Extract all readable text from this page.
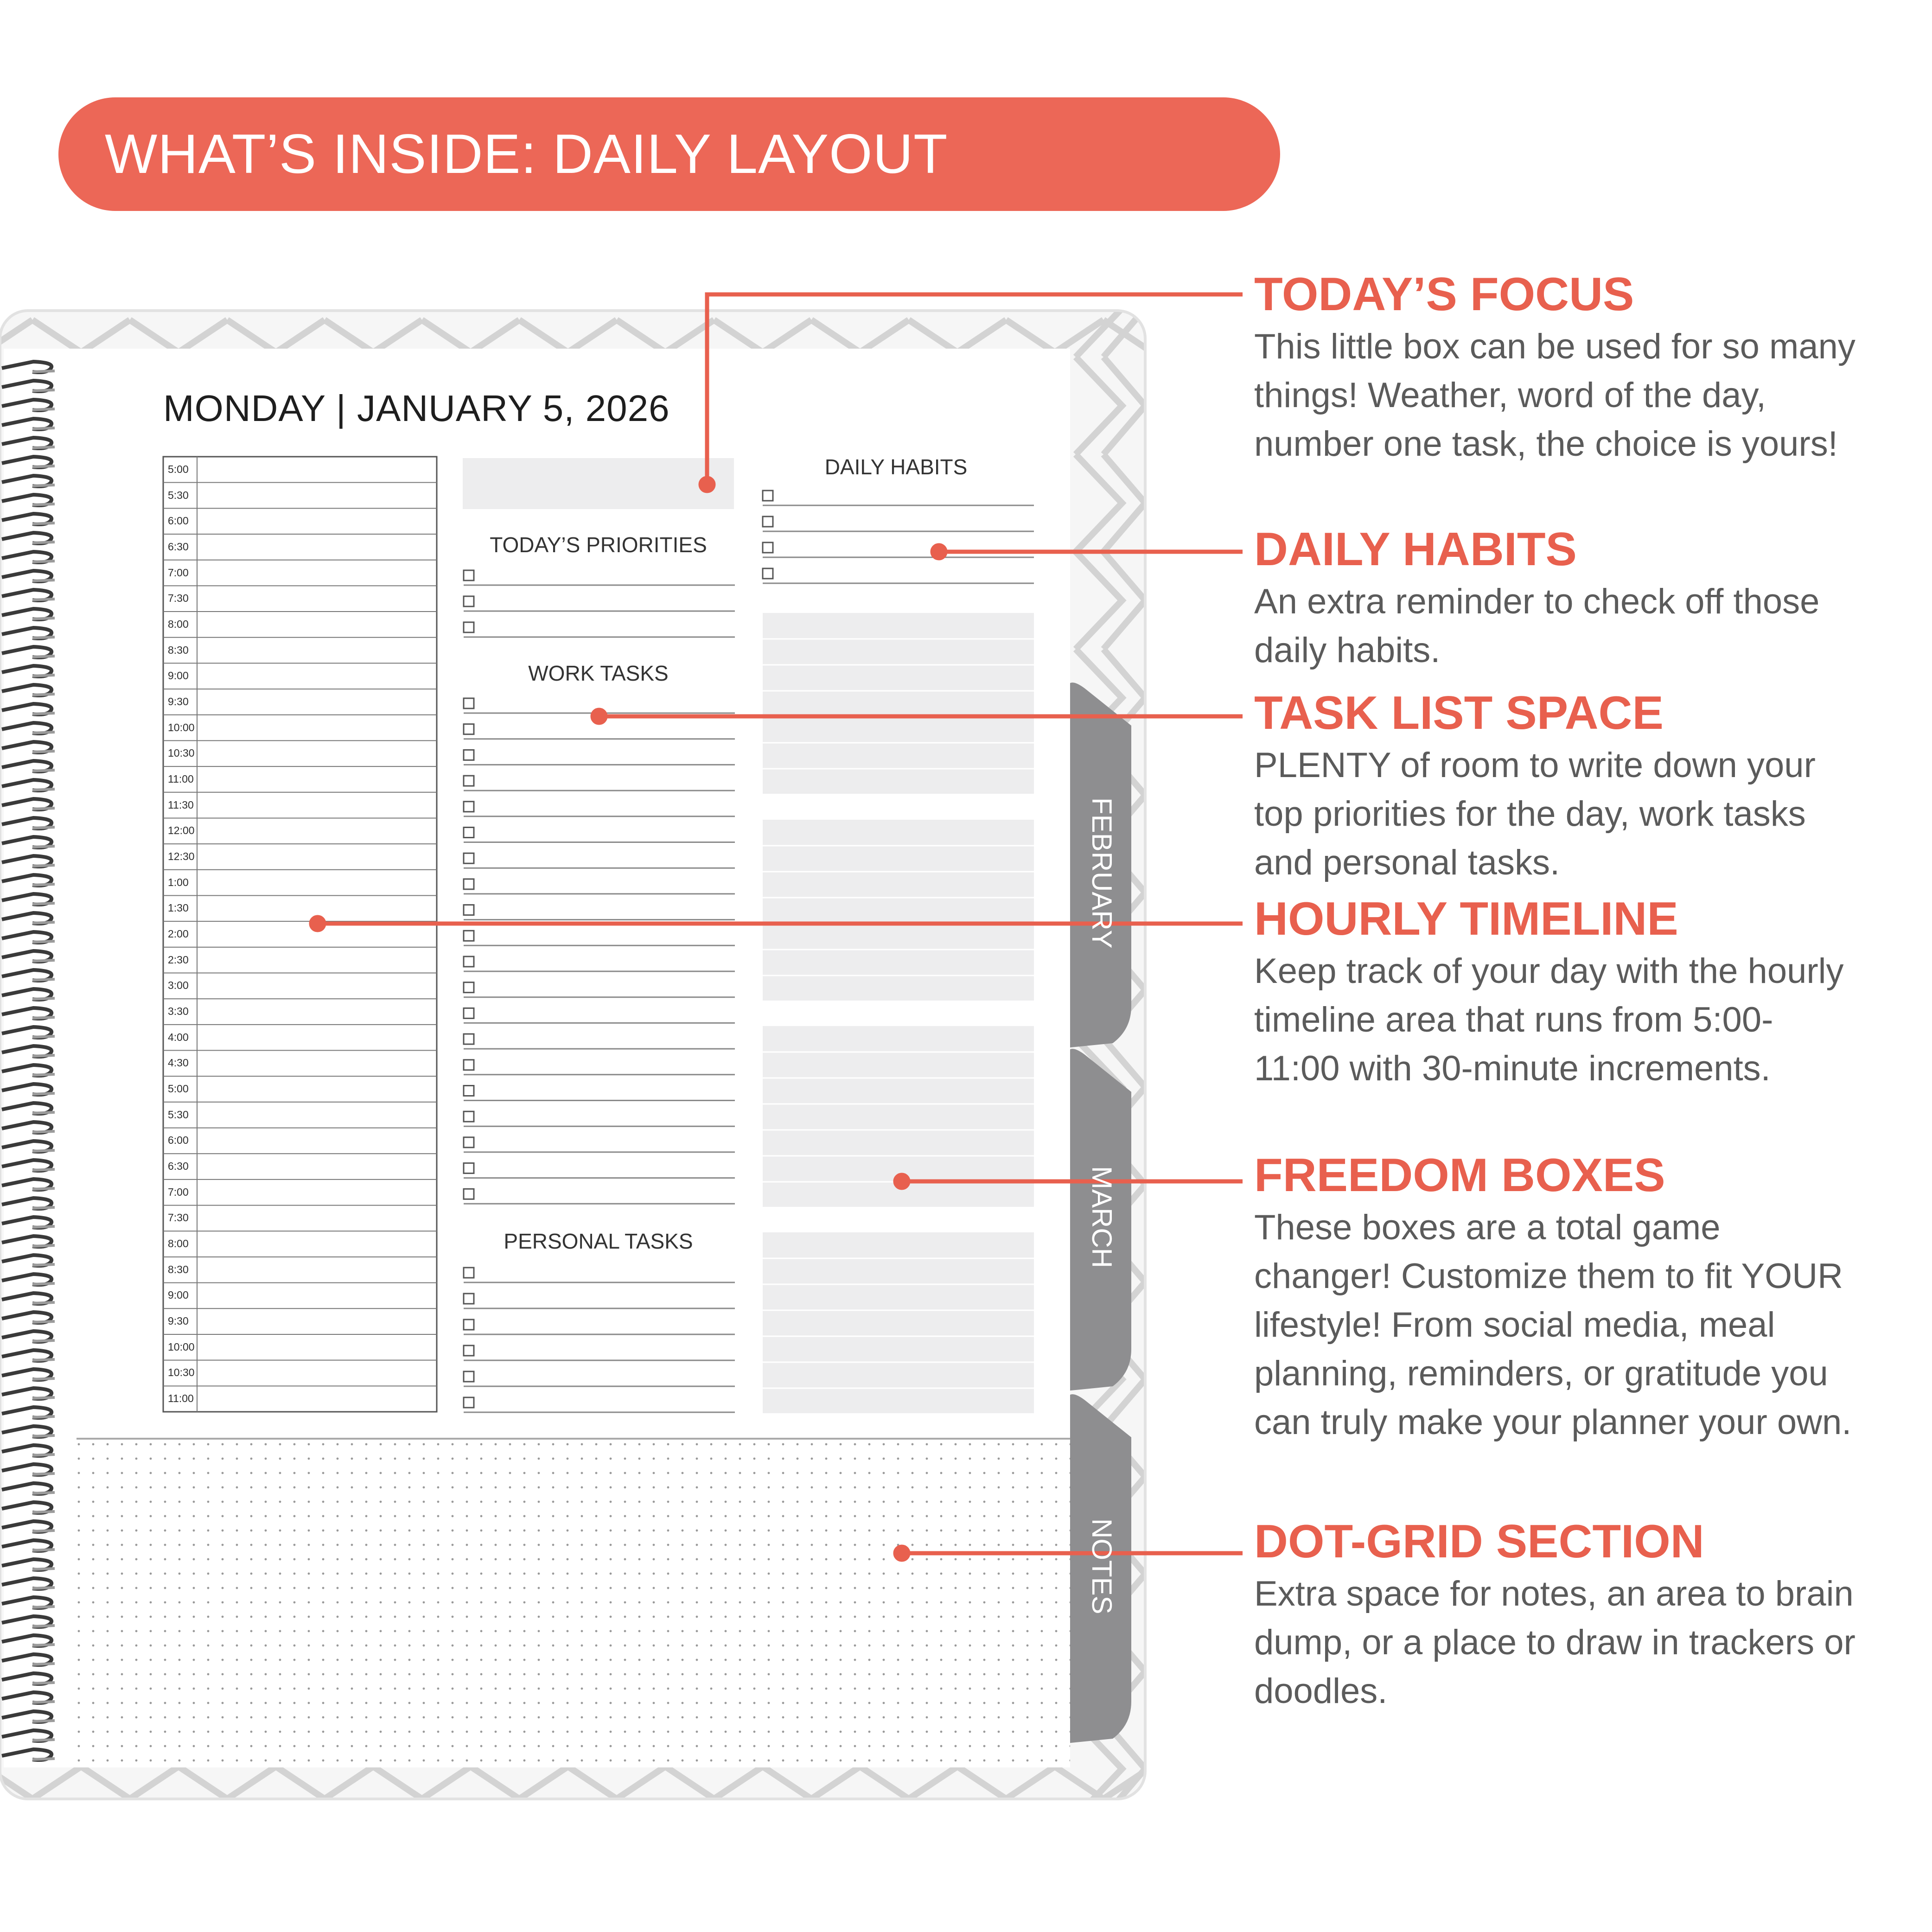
WHAT’S INSIDE: DAILY LAYOUT
MONDAY | JANUARY 5, 2026
5:00
5:30
6:00
6:30
7:00
7:30
8:00
8:30
9:00
9:30
10:00
10:30
11:00
11:30
12:00
12:30
1:00
1:30
2:00
2:30
3:00
3:30
4:00
4:30
5:00
5:30
6:00
6:30
7:00
7:30
8:00
8:30
9:00
9:30
10:00
10:30
11:00
TODAY’S PRIORITIES
WORK TASKS
PERSONAL TASKS
DAILY HABITS
FEBRUARY
MARCH
NOTES
TODAY’S FOCUS

This little box can be used for so many things! Weather, word of the day, number one task, the choice is yours!

DAILY HABITS

An extra reminder to check off those daily habits.

TASK LIST SPACE

PLENTY of room to write down your top priorities for the day, work tasks and personal tasks.

HOURLY TIMELINE

Keep track of your day with the hourly timeline area that runs from 5:00-11:00 with 30-minute increments.

FREEDOM BOXES

These boxes are a total game changer! Customize them to fit YOUR lifestyle! From social media, meal planning, reminders, or gratitude you can truly make your planner your own.

DOT-GRID SECTION

Extra space for notes, an area to brain dump, or a place to draw in trackers or doodles.
